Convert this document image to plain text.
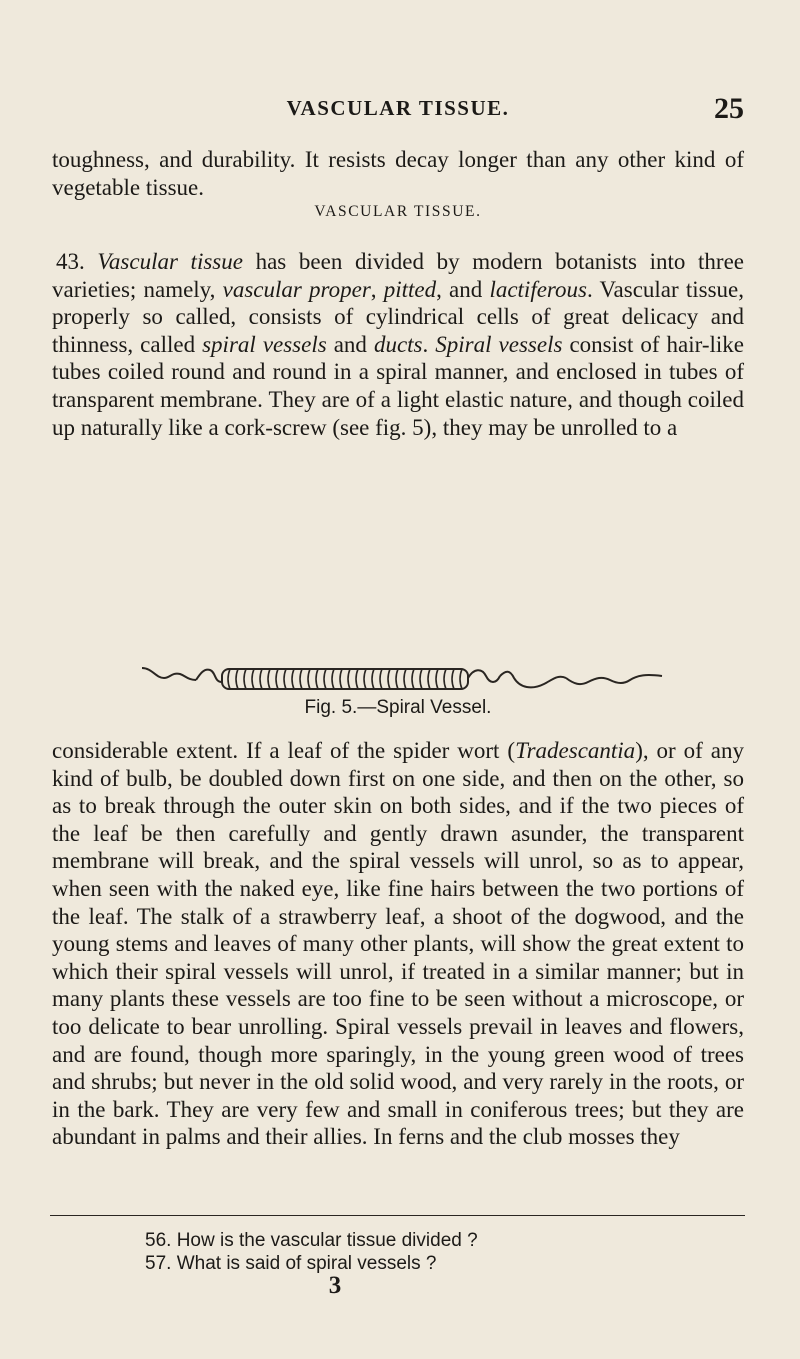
VASCULAR TISSUE.	25

toughness, and durability. It resists decay longer than any other kind of vegetable tissue.

VASCULAR TISSUE.

43. Vascular tissue has been divided by modern botanists into three varieties; namely, vascular proper, pitted, and lactiferous. Vascular tissue, properly so called, consists of cylindrical cells of great delicacy and thinness, called spiral vessels and ducts. Spiral vessels consist of hair-like tubes coiled round and round in a spiral manner, and enclosed in tubes of transparent membrane. They are of a light elastic nature, and though coiled up naturally like a cork-screw (see fig. 5), they may be unrolled to a

Fig. 5.—Spiral Vessel.

considerable extent. If a leaf of the spider wort (Tradescantia), or of any kind of bulb, be doubled down first on one side, and then on the other, so as to break through the outer skin on both sides, and if the two pieces of the leaf be then carefully and gently drawn asunder, the transparent membrane will break, and the spiral vessels will unrol, so as to appear, when seen with the naked eye, like fine hairs between the two portions of the leaf. The stalk of a strawberry leaf, a shoot of the dogwood, and the young stems and leaves of many other plants, will show the great extent to which their spiral vessels will unrol, if treated in a similar manner; but in many plants these vessels are too fine to be seen without a microscope, or too delicate to bear unrolling. Spiral vessels prevail in leaves and flowers, and are found, though more sparingly, in the young green wood of trees and shrubs; but never in the old solid wood, and very rarely in the roots, or in the bark. They are very few and small in coniferous trees; but they are abundant in palms and their allies. In ferns and the club mosses they

56. How is the vascular tissue divided ?
57. What is said of spiral vessels ?
3
